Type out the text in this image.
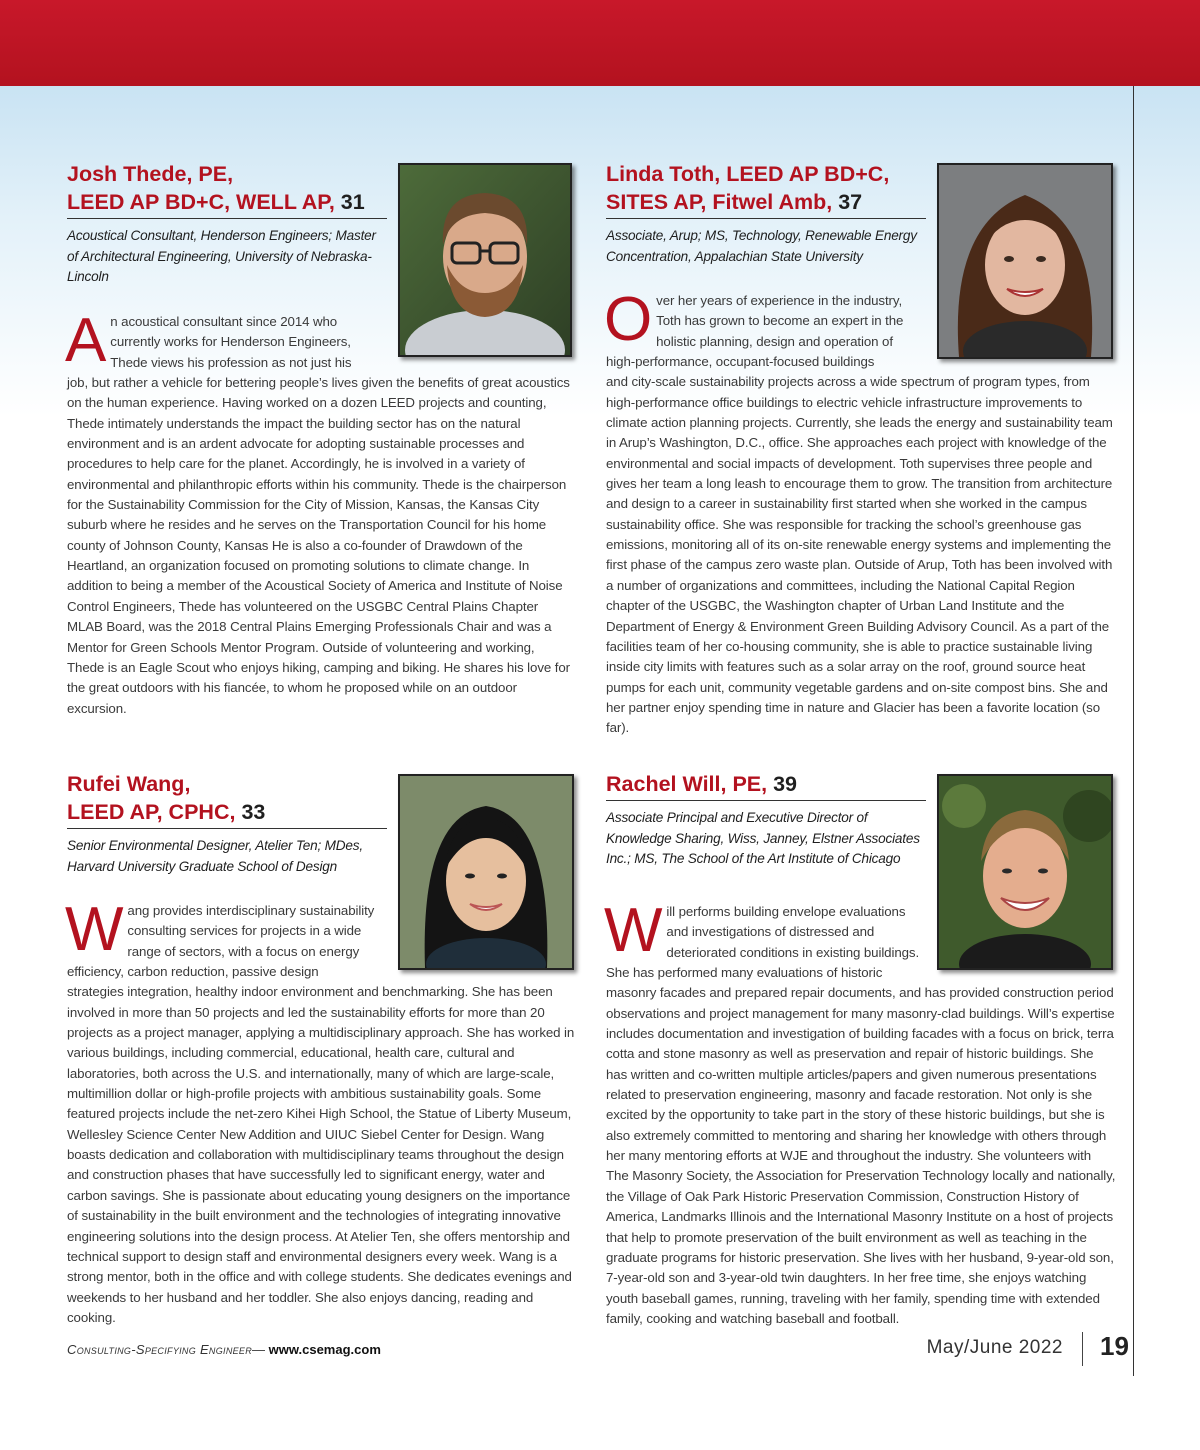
Josh Thede, PE,
LEED AP BD+C, WELL AP, 31
Acoustical Consultant, Henderson Engineers; Master of Architectural Engineering, University of Nebraska-Lincoln
A n acoustical consultant since 2014 who currently works for Henderson Engineers, Thede views his profession as not just his
job, but rather a vehicle for bettering people’s lives given the benefits of great acoustics on the human experience. Having worked on a dozen LEED projects and counting, Thede intimately understands the impact the building sector has on the natural environment and is an ardent advocate for adopting sustainable processes and procedures to help care for the planet. Accordingly, he is involved in a variety of environmental and philanthropic efforts within his community. Thede is the chairperson for the Sustainability Commission for the City of Mission, Kansas, the Kansas City suburb where he resides and he serves on the Transportation Council for his home county of Johnson County, Kansas He is also a co-founder of Drawdown of the Heartland, an organization focused on promoting solutions to climate change. In addition to being a member of the Acoustical Society of America and Institute of Noise Control Engineers, Thede has volunteered on the USGBC Central Plains Chapter MLAB Board, was the 2018 Central Plains Emerging Professionals Chair and was a Mentor for Green Schools Mentor Program. Outside of volunteering and working, Thede is an Eagle Scout who enjoys hiking, camping and biking. He shares his love for the great outdoors with his fiancée, to whom he proposed while on an outdoor excursion.
Linda Toth, LEED AP BD+C,
SITES AP, Fitwel Amb, 37
Associate, Arup; MS, Technology, Renewable Energy Concentration, Appalachian State University
O ver her years of experience in the industry, Toth has grown to become an expert in the holistic planning, design and operation of high-performance, occupant-focused buildings
and city-scale sustainability projects across a wide spectrum of program types, from high-performance office buildings to electric vehicle infrastructure improvements to climate action planning projects. Currently, she leads the energy and sustainability team in Arup’s Washington, D.C., office. She approaches each project with knowledge of the environmental and social impacts of development. Toth supervises three people and gives her team a long leash to encourage them to grow. The transition from architecture and design to a career in sustainability first started when she worked in the campus sustainability office. She was responsible for tracking the school’s greenhouse gas emissions, monitoring all of its on-site renewable energy systems and implementing the first phase of the campus zero waste plan. Outside of Arup, Toth has been involved with a number of organizations and committees, including the National Capital Region chapter of the USGBC, the Washington chapter of Urban Land Institute and the Department of Energy & Environment Green Building Advisory Council. As a part of the facilities team of her co-housing community, she is able to practice sustainable living inside city limits with features such as a solar array on the roof, ground source heat pumps for each unit, community vegetable gardens and on-site compost bins. She and her partner enjoy spending time in nature and Glacier has been a favorite location (so far).
Rufei Wang,
LEED AP, CPHC, 33
Senior Environmental Designer, Atelier Ten; MDes, Harvard University Graduate School of Design
W ang provides interdisciplinary sustainability consulting services for projects in a wide range of sectors, with a focus on energy efficiency, carbon reduction, passive design
strategies integration, healthy indoor environment and benchmarking. She has been involved in more than 50 projects and led the sustainability efforts for more than 20 projects as a project manager, applying a multidisciplinary approach. She has worked in various buildings, including commercial, educational, health care, cultural and laboratories, both across the U.S. and internationally, many of which are large-scale, multimillion dollar or high-profile projects with ambitious sustainability goals. Some featured projects include the net-zero Kihei High School, the Statue of Liberty Museum, Wellesley Science Center New Addition and UIUC Siebel Center for Design. Wang boasts dedication and collaboration with multidisciplinary teams throughout the design and construction phases that have successfully led to significant energy, water and carbon savings. She is passionate about educating young designers on the importance of sustainability in the built environment and the technologies of integrating innovative engineering solutions into the design process. At Atelier Ten, she offers mentorship and technical support to design staff and environmental designers every week. Wang is a strong mentor, both in the office and with college students. She dedicates evenings and weekends to her husband and her toddler. She also enjoys dancing, reading and cooking.
Rachel Will, PE, 39
Associate Principal and Executive Director of Knowledge Sharing, Wiss, Janney, Elstner Associates Inc.; MS, The School of the Art Institute of Chicago
W ill performs building envelope evaluations and investigations of distressed and deteriorated conditions in existing buildings. She has performed many evaluations of historic
masonry facades and prepared repair documents, and has provided construction period observations and project management for many masonry-clad buildings. Will’s expertise includes documentation and investigation of building facades with a focus on brick, terra cotta and stone masonry as well as preservation and repair of historic buildings. She has written and co-written multiple articles/papers and given numerous presentations related to preservation engineering, masonry and facade restoration. Not only is she excited by the opportunity to take part in the story of these historic buildings, but she is also extremely committed to mentoring and sharing her knowledge with others through her many mentoring efforts at WJE and throughout the industry. She volunteers with The Masonry Society, the Association for Preservation Technology locally and nationally, the Village of Oak Park Historic Preservation Commission, Construction History of America, Landmarks Illinois and the International Masonry Institute on a host of projects that help to promote preservation of the built environment as well as teaching in the graduate programs for historic preservation. She lives with her husband, 9-year-old son, 7-year-old son and 3-year-old twin daughters. In her free time, she enjoys watching youth baseball games, running, traveling with her family, spending time with extended family, cooking and watching baseball and football.
Consulting-Specifying Engineer— www.csemag.com	May/June 2022 19
